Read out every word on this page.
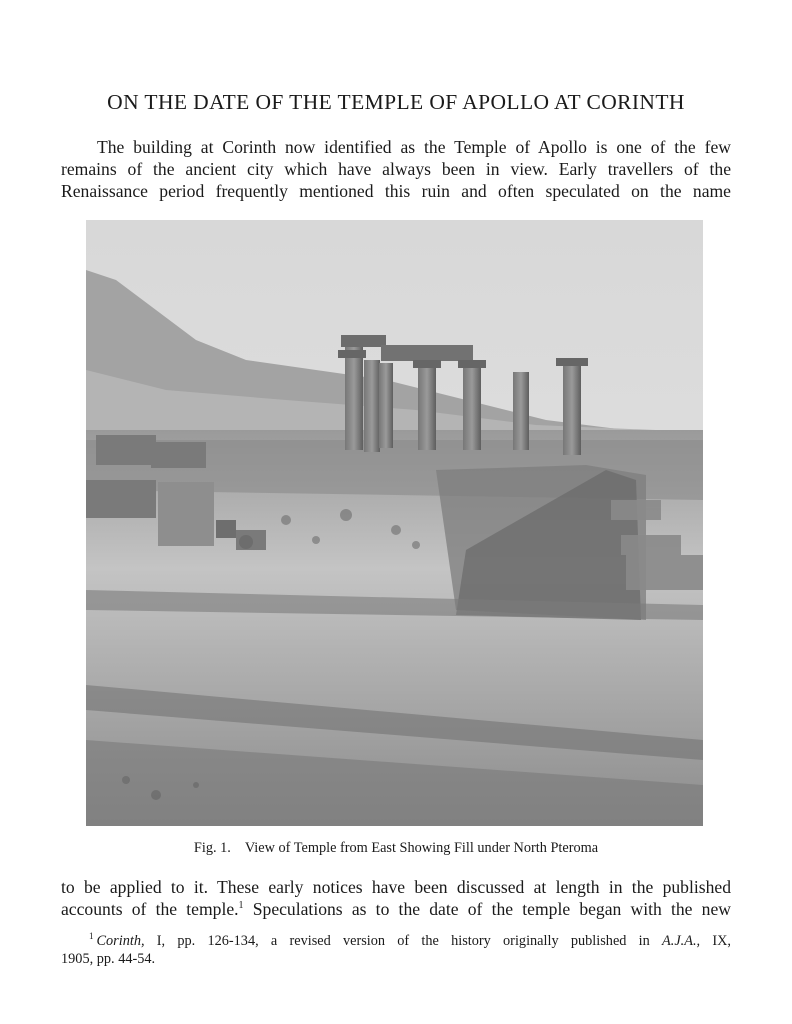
ON THE DATE OF THE TEMPLE OF APOLLO AT CORINTH

The building at Corinth now identified as the Temple of Apollo is one of the few
remains of the ancient city which have always been in view. Early travellers of the
Renaissance period frequently mentioned this ruin and often speculated on the name

Fig. 1. View of Temple from East Showing Fill under North Pteroma

to be applied to it. These early notices have been discussed at length in the published
accounts of the temple.$^1$ Speculations as to the date of the temple began with the new

$^1$ Corinth, I, pp. 126-134, a revised version of the history originally published in A.J.A., IX,
1905, pp. 44-54.
